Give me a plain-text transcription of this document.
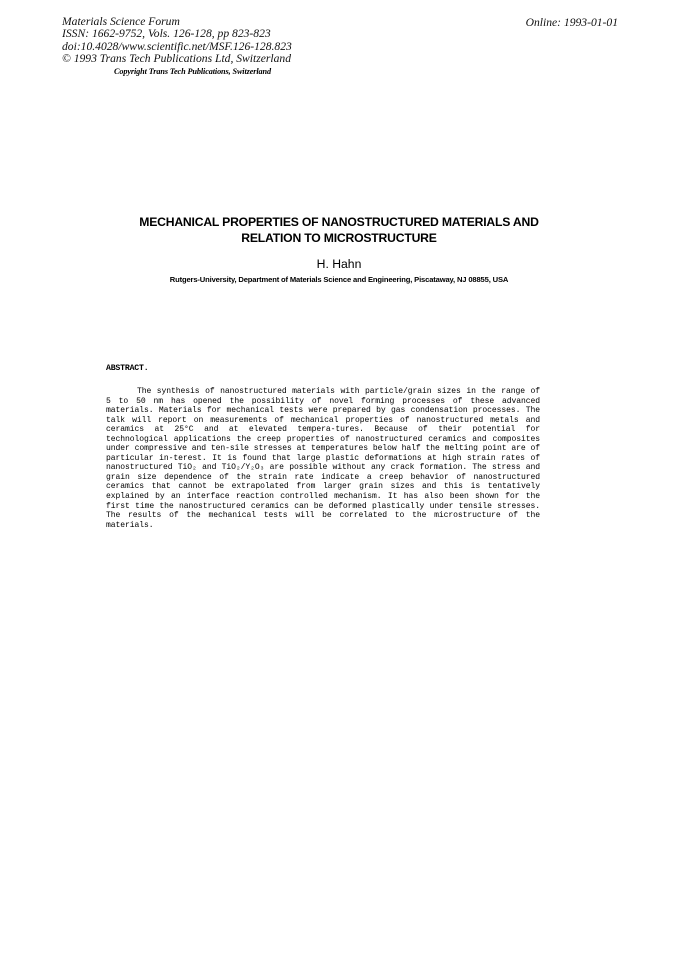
Materials Science Forum
ISSN: 1662-9752, Vols. 126-128, pp 823-823
doi:10.4028/www.scientific.net/MSF.126-128.823
© 1993 Trans Tech Publications Ltd, Switzerland
Copyright Trans Tech Publications, Switzerland
Online: 1993-01-01
MECHANICAL PROPERTIES OF NANOSTRUCTURED MATERIALS AND
RELATION TO MICROSTRUCTURE
H. Hahn
Rutgers-University, Department of Materials Science and Engineering, Piscataway, NJ 08855, USA
ABSTRACT.
The synthesis of nanostructured materials with particle/grain sizes in the range of 5 to 50 nm has opened the possibility of novel forming processes of these advanced materials. Materials for mechanical tests were prepared by gas condensation processes. The talk will report on measurements of mechanical properties of nanostructured metals and ceramics at 25°C and at elevated tempera-tures. Because of their potential for technological applications the creep properties of nanostructured ceramics and composites under compressive and ten-sile stresses at temperatures below half the melting point are of particular in-terest. It is found that large plastic deformations at high strain rates of nanostructured TiO₂ and TiO₂/Y₂O₃ are possible without any crack formation. The stress and grain size dependence of the strain rate indicate a creep behavior of nanostructured ceramics that cannot be extrapolated from larger grain sizes and this is tentatively explained by an interface reaction controlled mechanism. It has also been shown for the first time the nanostructured ceramics can be deformed plastically under tensile stresses. The results of the mechanical tests will be correlated to the microstructure of the materials.
